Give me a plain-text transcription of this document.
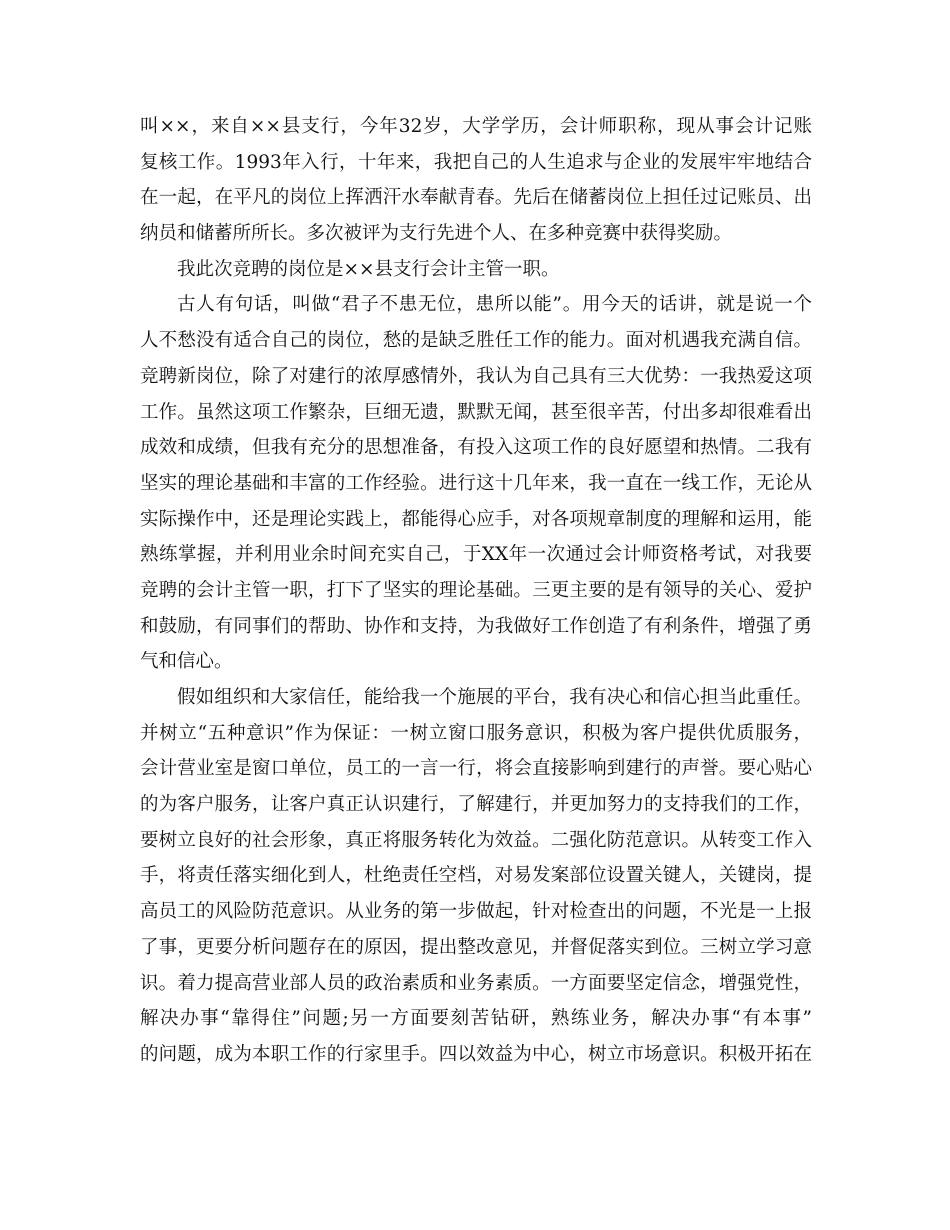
叫××，来自××县支行，今年32岁，大学学历，会计师职称，现从事会计记账
复核工作。1993年入行，十年来，我把自己的人生追求与企业的发展牢牢地结合
在一起，在平凡的岗位上挥洒汗水奉献青春。先后在储蓄岗位上担任过记账员、出
纳员和储蓄所所长。多次被评为支行先进个人、在多种竞赛中获得奖励。
我此次竞聘的岗位是××县支行会计主管一职。
古人有句话，叫做“君子不患无位，患所以能”。用今天的话讲，就是说一个
人不愁没有适合自己的岗位，愁的是缺乏胜任工作的能力。面对机遇我充满自信。
竞聘新岗位，除了对建行的浓厚感情外，我认为自己具有三大优势：一我热爱这项
工作。虽然这项工作繁杂，巨细无遗，默默无闻，甚至很辛苦，付出多却很难看出
成效和成绩，但我有充分的思想准备，有投入这项工作的良好愿望和热情。二我有
坚实的理论基础和丰富的工作经验。进行这十几年来，我一直在一线工作，无论从
实际操作中，还是理论实践上，都能得心应手，对各项规章制度的理解和运用，能
熟练掌握，并利用业余时间充实自己，于XX年一次通过会计师资格考试，对我要
竞聘的会计主管一职，打下了坚实的理论基础。三更主要的是有领导的关心、爱护
和鼓励，有同事们的帮助、协作和支持，为我做好工作创造了有利条件，增强了勇
气和信心。
假如组织和大家信任，能给我一个施展的平台，我有决心和信心担当此重任。
并树立“五种意识”作为保证：一树立窗口服务意识，积极为客户提供优质服务，
会计营业室是窗口单位，员工的一言一行，将会直接影响到建行的声誉。要心贴心
的为客户服务，让客户真正认识建行，了解建行，并更加努力的支持我们的工作，
要树立良好的社会形象，真正将服务转化为效益。二强化防范意识。从转变工作入
手，将责任落实细化到人，杜绝责任空档，对易发案部位设置关键人，关键岗，提
高员工的风险防范意识。从业务的第一步做起，针对检查出的问题，不光是一上报
了事，更要分析问题存在的原因，提出整改意见，并督促落实到位。三树立学习意
识。着力提高营业部人员的政治素质和业务素质。一方面要坚定信念，增强党性，
解决办事“靠得住”问题;另一方面要刻苦钻研，熟练业务，解决办事“有本事”
的问题，成为本职工作的行家里手。四以效益为中心，树立市场意识。积极开拓在
